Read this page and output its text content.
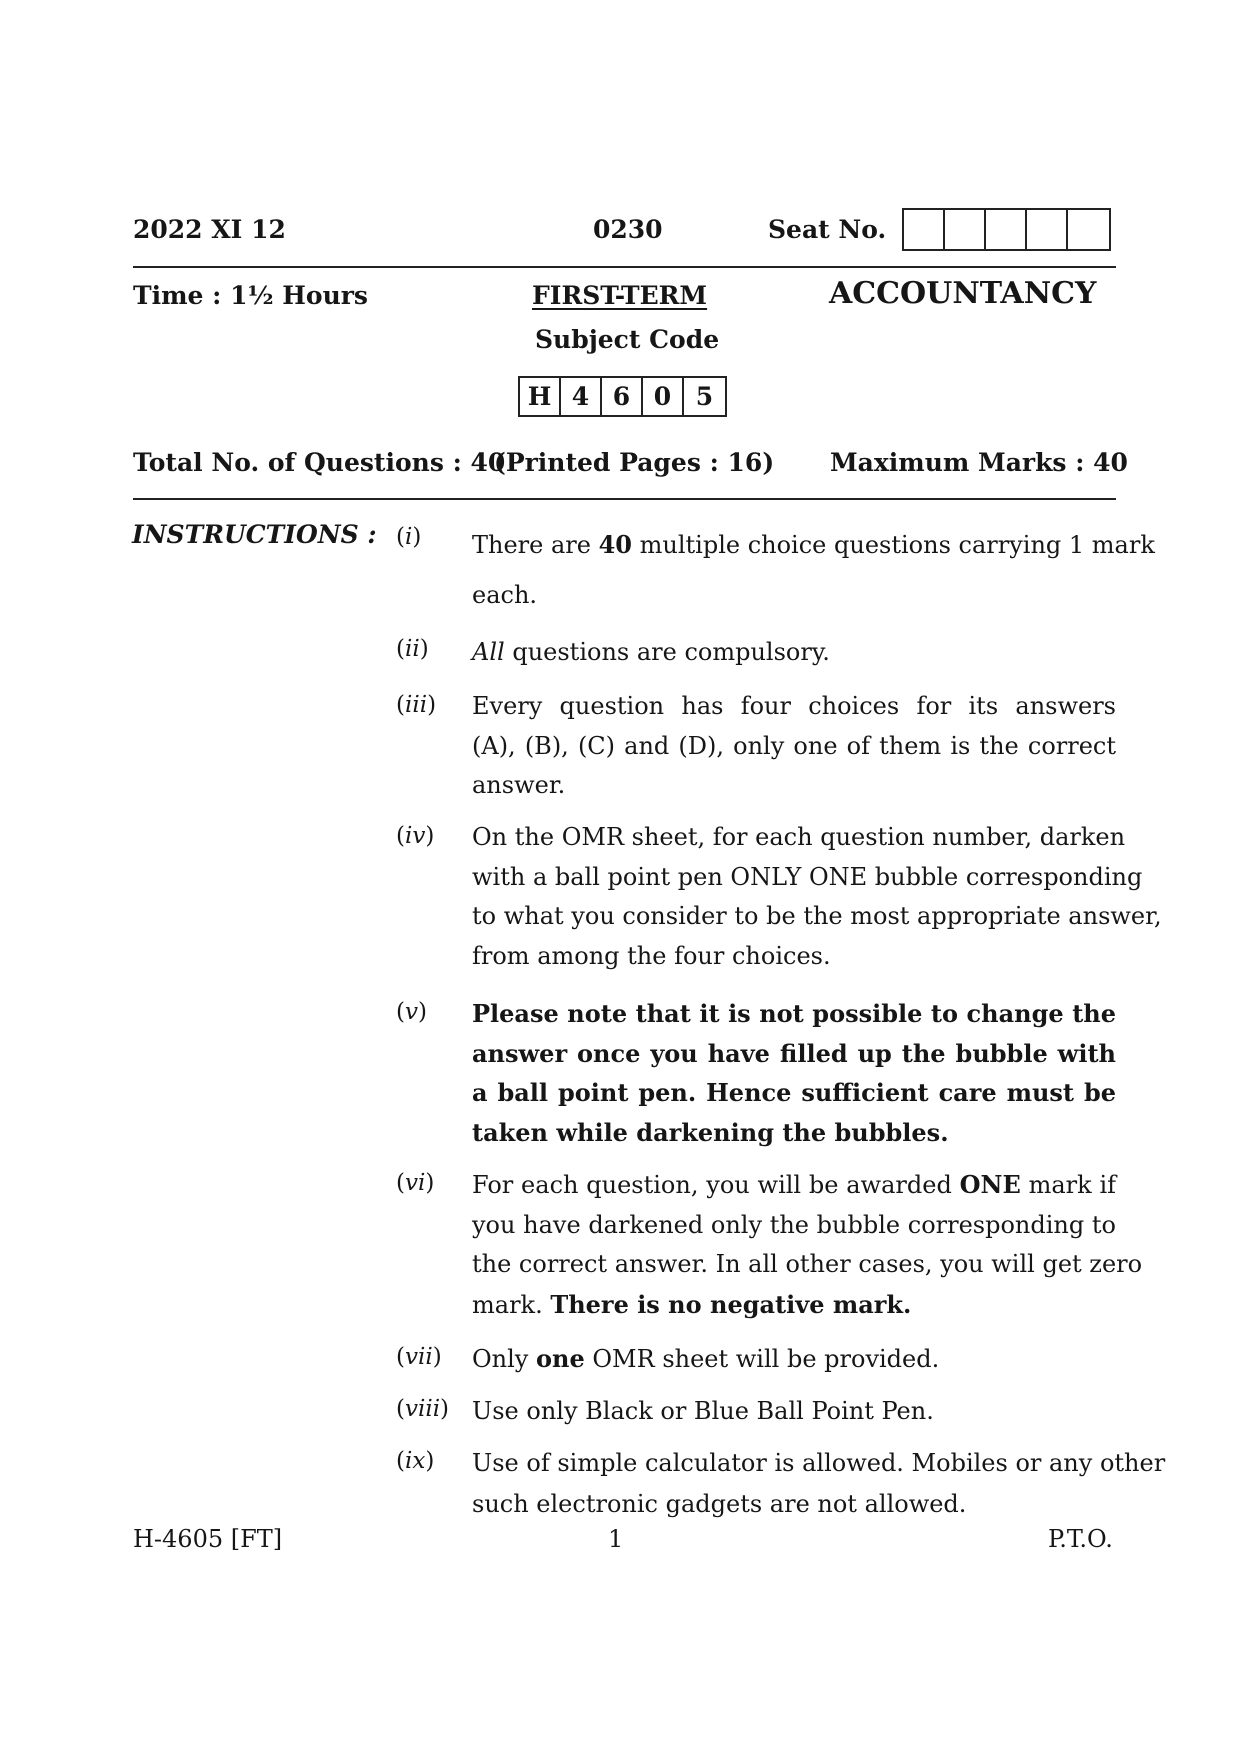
2022 XI 12	0230	Seat No.
Time : 1½ Hours	FIRST-TERM	ACCOUNTANCY
Subject Code
H 4 6 0 5
Total No. of Questions : 40
(Printed Pages : 16) Maximum Marks : 40
INSTRUCTIONS : (i) There are 40 multiple choice questions carrying 1 mark
each.
(ii) All questions are compulsory.
(iii) Every question has four choices for its answers
(A), (B), (C) and (D), only one of them is the correct
answer.
(iv) On the OMR sheet, for each question number, darken
with a ball point pen ONLY ONE bubble corresponding
to what you consider to be the most appropriate answer,
from among the four choices.
(v) Please note that it is not possible to change the
answer once you have filled up the bubble with
a ball point pen. Hence sufficient care must be
taken while darkening the bubbles.
(vi) For each question, you will be awarded ONE mark if
you have darkened only the bubble corresponding to
the correct answer. In all other cases, you will get zero
mark. There is no negative mark.
(vii) Only one OMR sheet will be provided.
(viii) Use only Black or Blue Ball Point Pen.
(ix) Use of simple calculator is allowed. Mobiles or any other
such electronic gadgets are not allowed.
H-4605 [FT]	1	P.T.O.
